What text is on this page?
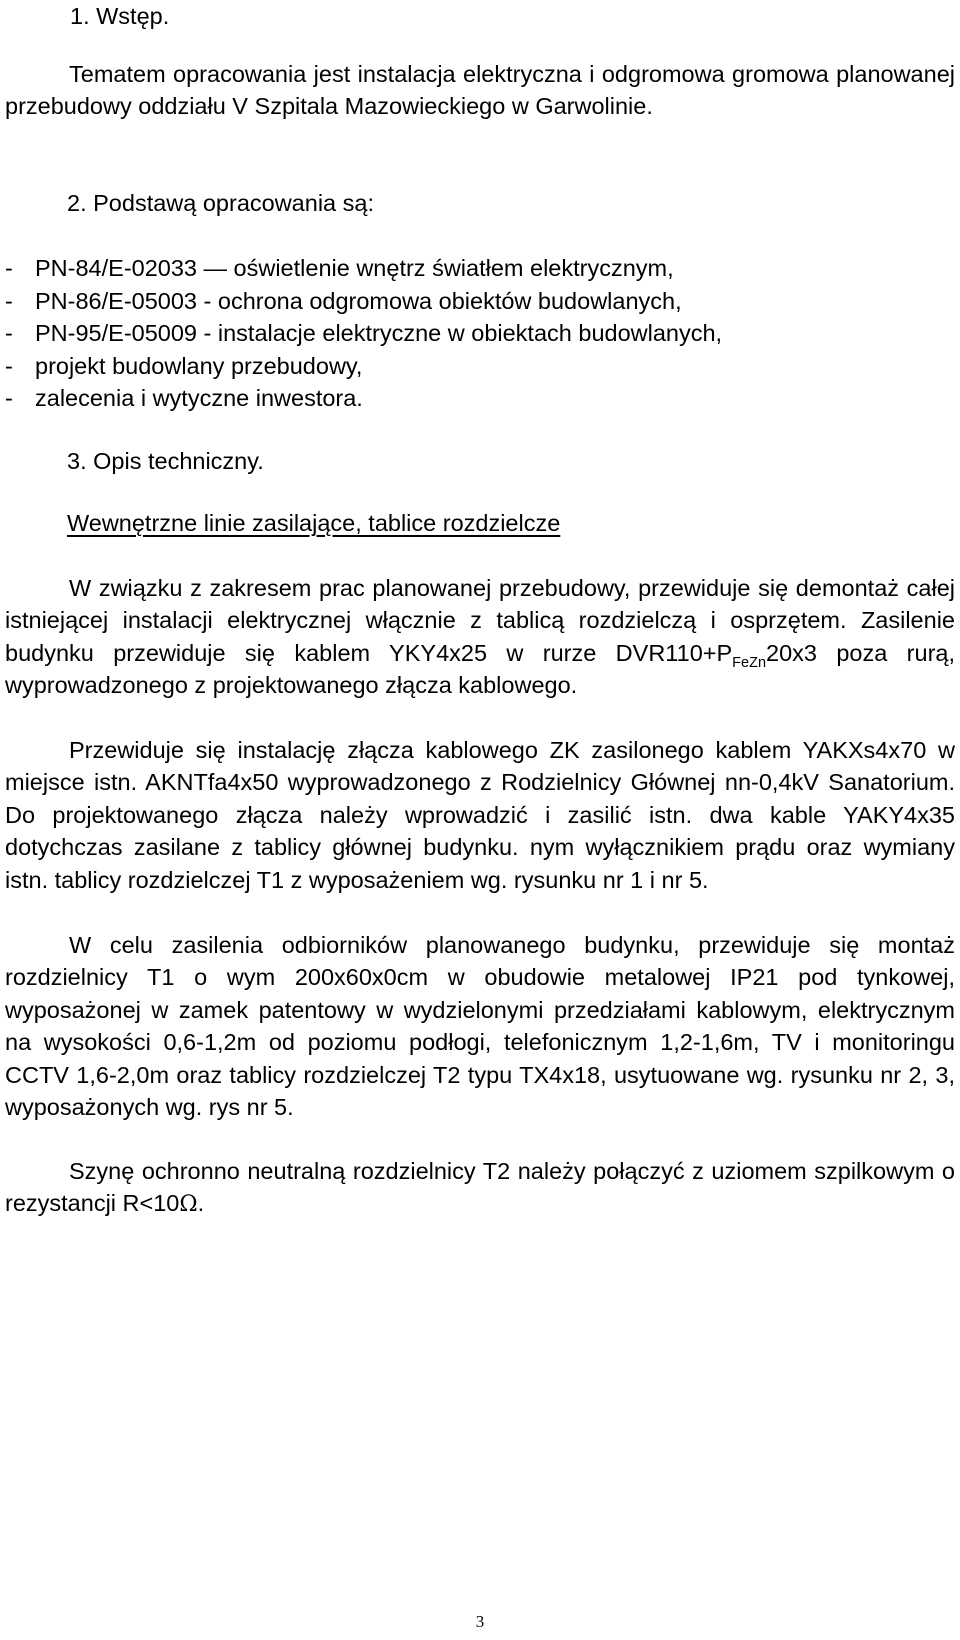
1. Wstęp.

Tematem opracowania jest instalacja elektryczna i odgromowa gromowa planowanej przebudowy oddziału V Szpitala Mazowieckiego w Garwolinie.

2. Podstawą opracowania są:

- PN-84/E-02033 — oświetlenie wnętrz światłem elektrycznym,
- PN-86/E-05003 - ochrona odgromowa obiektów budowlanych,
- PN-95/E-05009 - instalacje elektryczne w obiektach budowlanych,
- projekt budowlany przebudowy,
- zalecenia i wytyczne inwestora.

3. Opis techniczny.

Wewnętrzne linie zasilające, tablice rozdzielcze

W związku z zakresem prac planowanej przebudowy, przewiduje się demontaż całej istniejącej instalacji elektrycznej włącznie z tablicą rozdzielczą i osprzętem. Zasilenie budynku przewiduje się kablem YKY4x25 w rurze $DVR110+P_{FeZn}20x3$ poza rurą, wyprowadzonego z projektowanego złącza kablowego.

Przewiduje się instalację złącza kablowego ZK zasilonego kablem YAKXs4x70 w miejsce istn. AKNTfa4x50 wyprowadzonego z Rodzielnicy Głównej nn-0,4kV Sanatorium. Do projektowanego złącza należy wprowadzić i zasilić istn. dwa kable YAKY4x35 dotychczas zasilane z tablicy głównej budynku. nym wyłącznikiem prądu oraz wymiany istn. tablicy rozdzielczej T1 z wyposażeniem wg. rysunku nr 1 i nr 5.

W celu zasilenia odbiorników planowanego budynku, przewiduje się montaż rozdzielnicy T1 o wym 200x60x0cm w obudowie metalowej IP21 pod tynkowej, wyposażonej w zamek patentowy w wydzielonymi przedziałami kablowym, elektrycznym na wysokości 0,6-1,2m od poziomu podłogi, telefonicznym 1,2-1,6m, TV i monitoringu CCTV 1,6-2,0m oraz tablicy rozdzielczej T2 typu TX4x18, usytuowane wg. rysunku nr 2, 3, wyposażonych wg. rys nr 5.

Szynę ochronno neutralną rozdzielnicy T2 należy połączyć z uziomem szpilkowym o rezystancji R<10Ω.

3
